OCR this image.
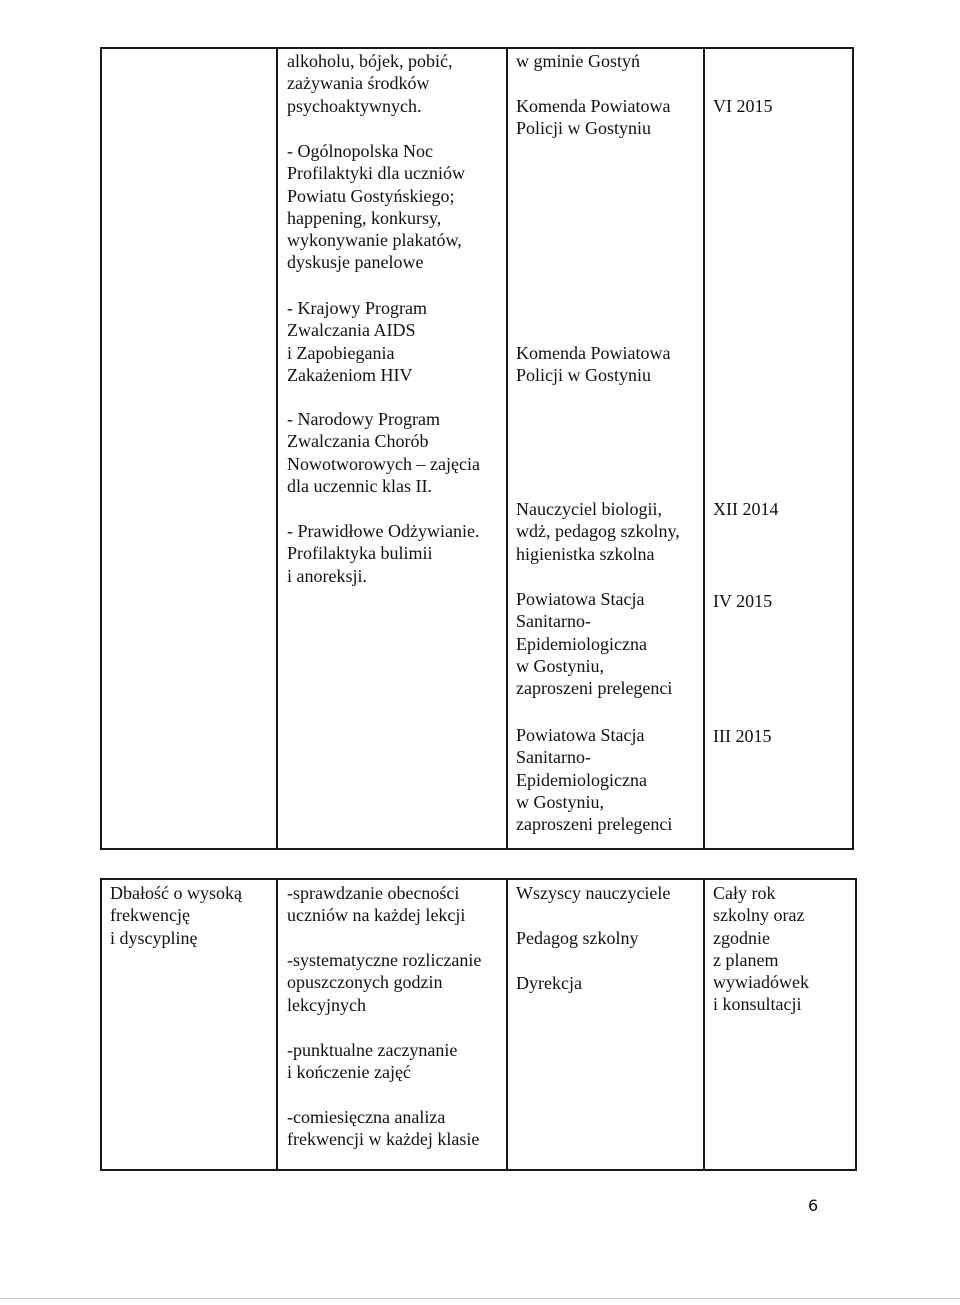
alkoholu, bójek, pobić,
zażywania środków
psychoaktywnych.

- Ogólnopolska Noc
Profilaktyki dla uczniów
Powiatu Gostyńskiego;
happening, konkursy,
wykonywanie plakatów,
dyskusje panelowe

- Krajowy Program
Zwalczania AIDS
i Zapobiegania
Zakażeniom HIV

- Narodowy Program
Zwalczania Chorób
Nowotworowych – zajęcia
dla uczennic klas II.

- Prawidłowe Odżywianie.
Profilaktyka bulimii
i anoreksji.

w gminie Gostyń

Komenda Powiatowa
Policji w Gostyniu

Komenda Powiatowa
Policji w Gostyniu

Nauczyciel biologii,
wdż, pedagog szkolny,
higienistka szkolna

Powiatowa Stacja
Sanitarno-
Epidemiologiczna
w Gostyniu,
zaproszeni prelegenci

Powiatowa Stacja
Sanitarno-
Epidemiologiczna
w Gostyniu,
zaproszeni prelegenci

VI 2015

XII 2014

IV 2015

III 2015

Dbałość o wysoką
frekwencję
i dyscyplinę

-sprawdzanie obecności
uczniów na każdej lekcji

-systematyczne rozliczanie
opuszczonych godzin
lekcyjnych

-punktualne zaczynanie
i kończenie zajęć

-comiesięczna analiza
frekwencji w każdej klasie

Wszyscy nauczyciele

Pedagog szkolny

Dyrekcja

Cały rok
szkolny oraz
zgodnie
z planem
wywiadówek
i konsultacji

6
